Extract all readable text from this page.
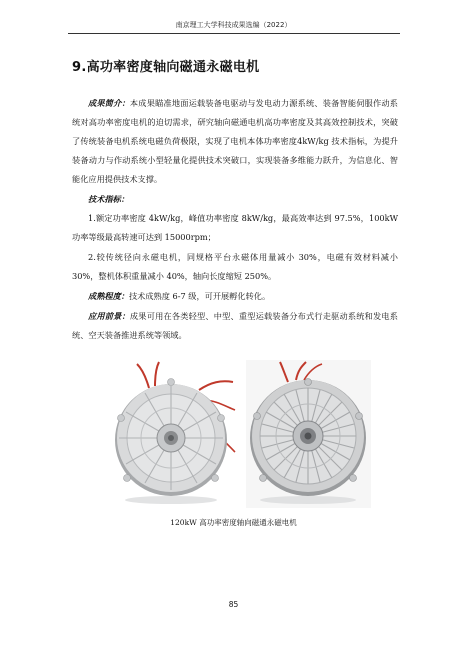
南京理工大学科技成果选编（2022）
9.高功率密度轴向磁通永磁电机

成果简介：本成果瞄准地面运载装备电驱动与发电动力源系统、装备智能伺服作动系统对高功率密度电机的迫切需求，研究轴向磁通电机高功率密度及其高效控制技术，突破了传统装备电机系统电磁负荷极限，实现了电机本体功率密度4kW/kg 技术指标，为提升装备动力与作动系统小型轻量化提供技术突破口，实现装备多维能力跃升，为信息化、智能化应用提供技术支撑。

技术指标：

1.额定功率密度 4kW/kg，峰值功率密度 8kW/kg，最高效率达到 97.5%，100kW 功率等级最高转速可达到 15000rpm；

2.较传统径向永磁电机，同规格平台永磁体用量减小 30%，电磁有效材料减小 30%，整机体积重量减小 40%，轴向长度缩短 250%。

成熟程度：技术成熟度 6-7 级，可开展孵化转化。

应用前景：成果可用在各类轻型、中型、重型运载装备分布式行走驱动系统和发电系统、空天装备推进系统等领域。

120kW 高功率密度轴向磁通永磁电机
85
